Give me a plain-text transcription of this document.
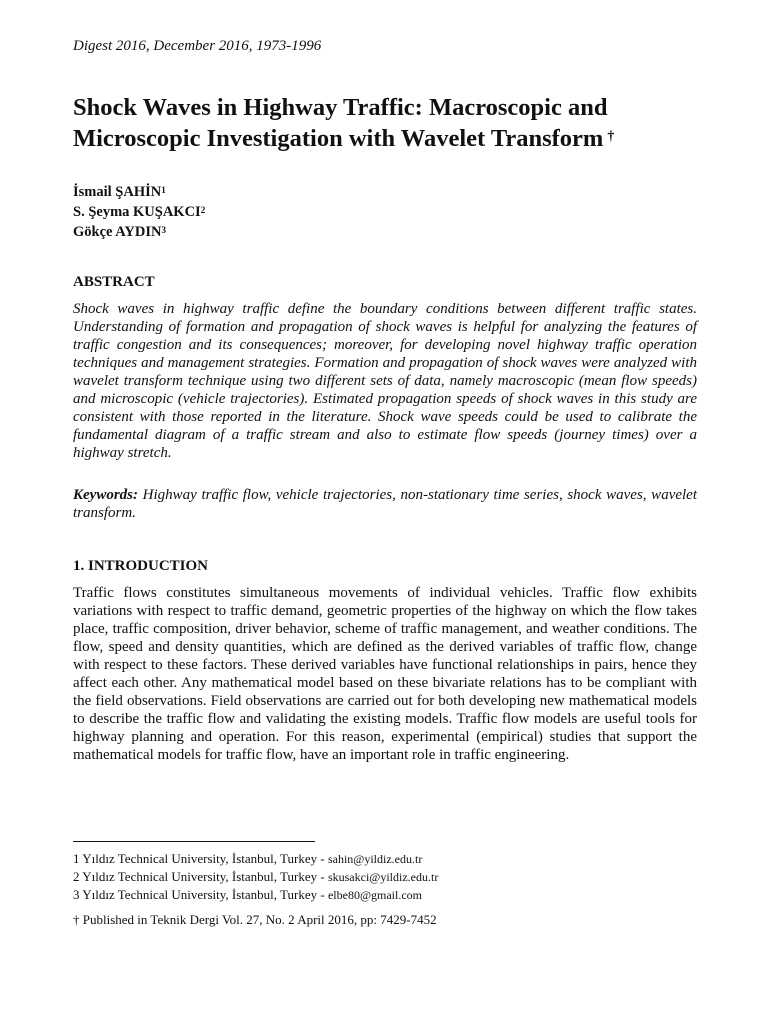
Digest 2016, December 2016, 1973-1996
Shock Waves in Highway Traffic: Macroscopic and
Microscopic Investigation with Wavelet Transform †
İsmail ŞAHİN$^1$
S. Şeyma KUŞAKCI$^2$
Gökçe AYDIN$^3$
ABSTRACT

Shock waves in highway traffic define the boundary conditions between different traffic states. Understanding of formation and propagation of shock waves is helpful for analyzing the features of traffic congestion and its consequences; moreover, for developing novel highway traffic operation techniques and management strategies. Formation and propagation of shock waves were analyzed with wavelet transform technique using two different sets of data, namely macroscopic (mean flow speeds) and microscopic (vehicle trajectories). Estimated propagation speeds of shock waves in this study are consistent with those reported in the literature. Shock wave speeds could be used to calibrate the fundamental diagram of a traffic stream and also to estimate flow speeds (journey times) over a highway stretch.

Keywords: Highway traffic flow, vehicle trajectories, non-stationary time series, shock waves, wavelet transform.

1. INTRODUCTION

Traffic flows constitutes simultaneous movements of individual vehicles. Traffic flow exhibits variations with respect to traffic demand, geometric properties of the highway on which the flow takes place, traffic composition, driver behavior, scheme of traffic management, and weather conditions. The flow, speed and density quantities, which are defined as the derived variables of traffic flow, change with respect to these factors. These derived variables have functional relationships in pairs, hence they affect each other. Any mathematical model based on these bivariate relations has to be compliant with the field observations. Field observations are carried out for both developing new mathematical models to describe the traffic flow and validating the existing models. Traffic flow models are useful tools for highway planning and operation. For this reason, experimental (empirical) studies that support the mathematical models for traffic flow, have an important role in traffic engineering.

1 Yıldız Technical University, İstanbul, Turkey - sahin@yildiz.edu.tr
2 Yıldız Technical University, İstanbul, Turkey - skusakci@yildiz.edu.tr
3 Yıldız Technical University, İstanbul, Turkey - elbe80@gmail.com
† Published in Teknik Dergi Vol. 27, No. 2 April 2016, pp: 7429-7452
